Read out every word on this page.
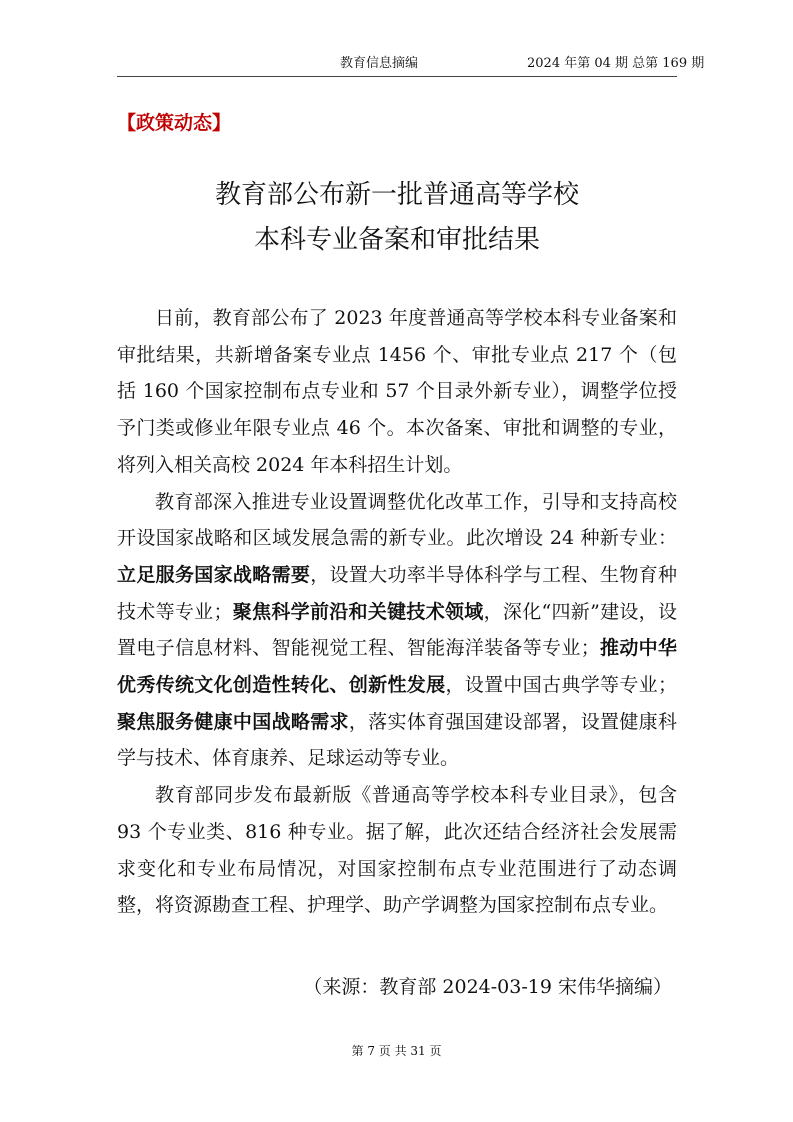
教育信息摘编	2024 年第 04 期 总第 169 期
【政策动态】
教育部公布新一批普通高等学校
本科专业备案和审批结果

日前，教育部公布了 2023 年度普通高等学校本科专业备案和审批结果，共新增备案专业点 1456 个、审批专业点 217 个（包括 160 个国家控制布点专业和 57 个目录外新专业），调整学位授予门类或修业年限专业点 46 个。本次备案、审批和调整的专业，将列入相关高校 2024 年本科招生计划。

教育部深入推进专业设置调整优化改革工作，引导和支持高校开设国家战略和区域发展急需的新专业。此次增设 24 种新专业：立足服务国家战略需要，设置大功率半导体科学与工程、生物育种技术等专业；聚焦科学前沿和关键技术领域，深化“四新”建设，设置电子信息材料、智能视觉工程、智能海洋装备等专业；推动中华优秀传统文化创造性转化、创新性发展，设置中国古典学等专业；聚焦服务健康中国战略需求，落实体育强国建设部署，设置健康科学与技术、体育康养、足球运动等专业。

教育部同步发布最新版《普通高等学校本科专业目录》，包含 93 个专业类、816 种专业。据了解，此次还结合经济社会发展需求变化和专业布局情况，对国家控制布点专业范围进行了动态调整，将资源勘查工程、护理学、助产学调整为国家控制布点专业。

（来源：教育部 2024-03-19 宋伟华摘编）
第 7 页 共 31 页
